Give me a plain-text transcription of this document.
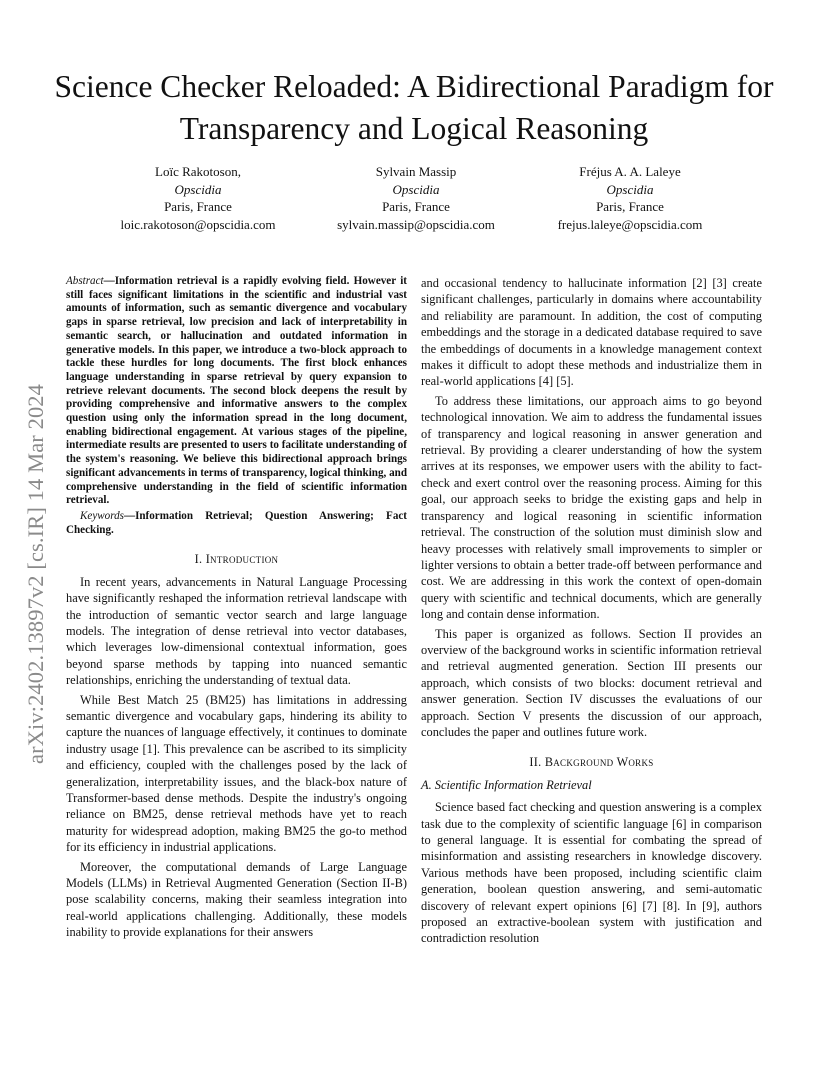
Science Checker Reloaded: A Bidirectional Paradigm for Transparency and Logical Reasoning
Loïc Rakotoson,
Opscidia
Paris, France
loic.rakotoson@opscidia.com
Sylvain Massip
Opscidia
Paris, France
sylvain.massip@opscidia.com
Fréjus A. A. Laleye
Opscidia
Paris, France
frejus.laleye@opscidia.com
arXiv:2402.13897v2 [cs.IR] 14 Mar 2024

Abstract—Information retrieval is a rapidly evolving field. However it still faces significant limitations in the scientific and industrial vast amounts of information, such as semantic divergence and vocabulary gaps in sparse retrieval, low precision and lack of interpretability in semantic search, or hallucination and outdated information in generative models. In this paper, we introduce a two-block approach to tackle these hurdles for long documents. The first block enhances language understanding in sparse retrieval by query expansion to retrieve relevant documents. The second block deepens the result by providing comprehensive and informative answers to the complex question using only the information spread in the long document, enabling bidirectional engagement. At various stages of the pipeline, intermediate results are presented to users to facilitate understanding of the system's reasoning. We believe this bidirectional approach brings significant advancements in terms of transparency, logical thinking, and comprehensive understanding in the field of scientific information retrieval.

Keywords—Information Retrieval; Question Answering; Fact Checking.

I. Introduction

In recent years, advancements in Natural Language Processing have significantly reshaped the information retrieval landscape with the introduction of semantic vector search and large language models. The integration of dense retrieval into vector databases, which leverages low-dimensional contextual information, goes beyond sparse methods by tapping into nuanced semantic relationships, enriching the understanding of textual data.

While Best Match 25 (BM25) has limitations in addressing semantic divergence and vocabulary gaps, hindering its ability to capture the nuances of language effectively, it continues to dominate industry usage [1]. This prevalence can be ascribed to its simplicity and efficiency, coupled with the challenges posed by the lack of generalization, interpretability issues, and the black-box nature of Transformer-based dense methods. Despite the industry's ongoing reliance on BM25, dense retrieval methods have yet to reach maturity for widespread adoption, making BM25 the go-to method for its efficiency in industrial applications.

Moreover, the computational demands of Large Language Models (LLMs) in Retrieval Augmented Generation (Section II-B) pose scalability concerns, making their seamless integration into real-world applications challenging. Additionally, these models inability to provide explanations for their answers

and occasional tendency to hallucinate information [2] [3] create significant challenges, particularly in domains where accountability and reliability are paramount. In addition, the cost of computing embeddings and the storage in a dedicated database required to save the embeddings of documents in a knowledge management context makes it difficult to adopt these methods and industrialize them in real-world applications [4] [5].

To address these limitations, our approach aims to go beyond technological innovation. We aim to address the fundamental issues of transparency and logical reasoning in answer generation and retrieval. By providing a clearer understanding of how the system arrives at its responses, we empower users with the ability to fact-check and exert control over the reasoning process. Aiming for this goal, our approach seeks to bridge the existing gaps and help in transparency and logical reasoning in scientific information retrieval. The construction of the solution must diminish slow and heavy processes with relatively small improvements to simpler or lighter versions to obtain a better trade-off between performance and cost. We are addressing in this work the context of open-domain query with scientific and technical documents, which are generally long and contain dense information.

This paper is organized as follows. Section II provides an overview of the background works in scientific information retrieval and retrieval augmented generation. Section III presents our approach, which consists of two blocks: document retrieval and answer generation. Section IV discusses the evaluations of our approach. Section V presents the discussion of our approach, concludes the paper and outlines future work.

II. Background Works
A. Scientific Information Retrieval

Science based fact checking and question answering is a complex task due to the complexity of scientific language [6] in comparison to general language. It is essential for combating the spread of misinformation and assisting researchers in knowledge discovery. Various methods have been proposed, including scientific claim generation, boolean question answering, and semi-automatic discovery of relevant expert opinions [6] [7] [8]. In [9], authors proposed an extractive-boolean system with justification and contradiction resolution
